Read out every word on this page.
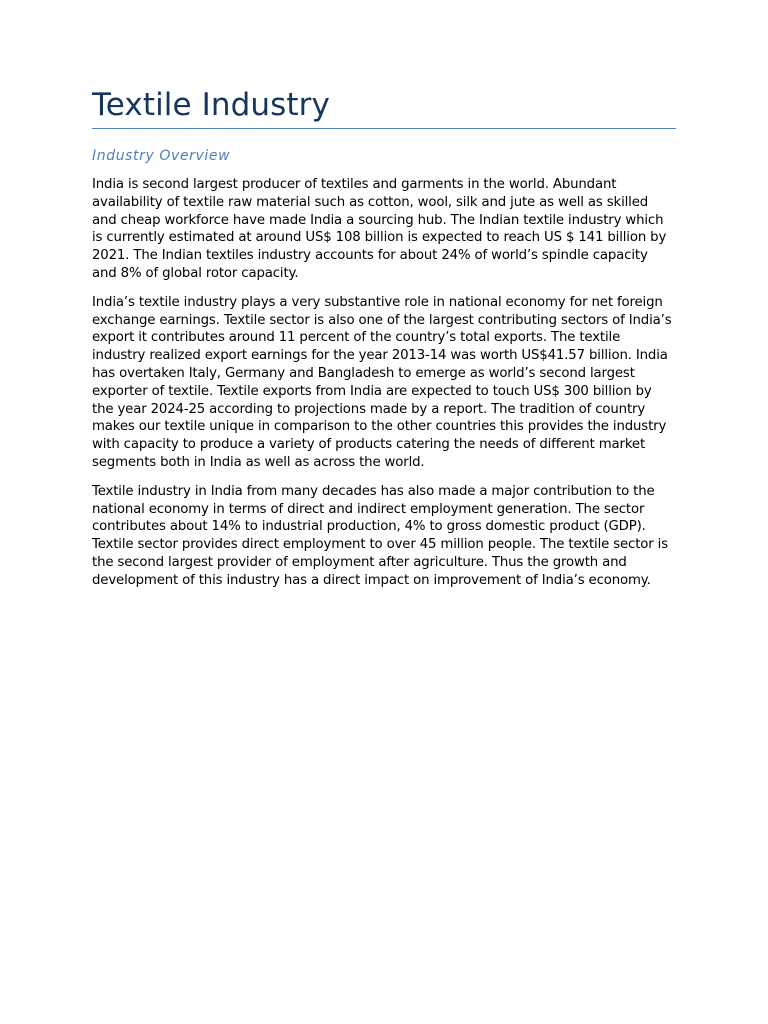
Textile Industry
Industry Overview

India is second largest producer of textiles and garments in the world. Abundant availability of textile raw material such as cotton, wool, silk and jute as well as skilled and cheap workforce have made India a sourcing hub. The Indian textile industry which is currently estimated at around US$ 108 billion is expected to reach US $ 141 billion by 2021. The Indian textiles industry accounts for about 24% of world’s spindle capacity and 8% of global rotor capacity.

India’s textile industry plays a very substantive role in national economy for net foreign exchange earnings. Textile sector is also one of the largest contributing sectors of India’s export it contributes around 11 percent of the country’s total exports. The textile industry realized export earnings for the year 2013-14 was worth US$41.57 billion. India has overtaken Italy, Germany and Bangladesh to emerge as world’s second largest exporter of textile. Textile exports from India are expected to touch US$ 300 billion by the year 2024-25 according to projections made by a report. The tradition of country makes our textile unique in comparison to the other countries this provides the industry with capacity to produce a variety of products catering the needs of different market segments both in India as well as across the world.

Textile industry in India from many decades has also made a major contribution to the national economy in terms of direct and indirect employment generation. The sector contributes about 14% to industrial production, 4% to gross domestic product (GDP). Textile sector provides direct employment to over 45 million people. The textile sector is the second largest provider of employment after agriculture. Thus the growth and development of this industry has a direct impact on improvement of India’s economy.
